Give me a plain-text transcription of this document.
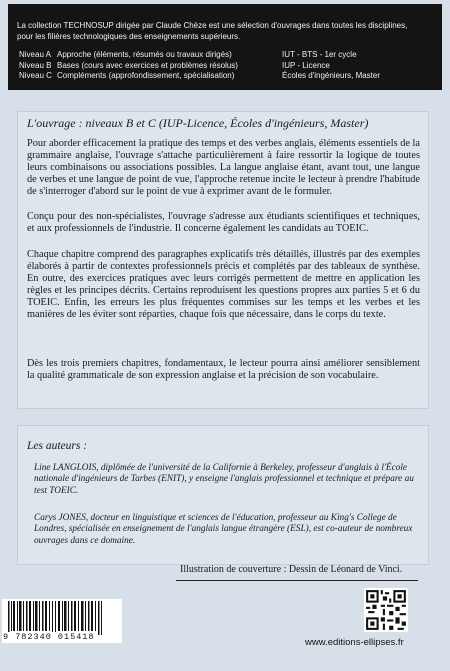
La collection TECHNOSUP dirigée par Claude Chèze est une sélection d'ouvrages dans toutes les disciplines,
pour les filières technologiques des enseignements supérieurs.
Niveau A	Approche (éléments, résumés ou travaux dirigés)	IUT - BTS - 1er cycle
Niveau B	Bases (cours avec exercices et problèmes résolus)	IUP - Licence
Niveau C	Compléments (approfondissement, spécialisation)	Écoles d'ingénieurs, Master
L'ouvrage : niveaux B et C (IUP-Licence, Écoles d'ingénieurs, Master)

Pour aborder efficacement la pratique des temps et des verbes anglais, éléments essentiels de la grammaire anglaise, l'ouvrage s'attache particulièrement à faire ressortir la logique de toutes leurs combinaisons ou associations possibles. La langue anglaise étant, avant tout, une langue de verbes et une langue de point de vue, l'approche retenue incite le lecteur à prendre l'habitude de s'interroger d'abord sur le point de vue à exprimer avant de le formuler.

Conçu pour des non-spécialistes, l'ouvrage s'adresse aux étudiants scientifiques et techniques, et aux professionnels de l'industrie. Il concerne également les candidats au TOEIC.

Chaque chapitre comprend des paragraphes explicatifs très détaillés, illustrés par des exemples élaborés à partir de contextes professionnels précis et complétés par des tableaux de synthèse. En outre, des exercices pratiques avec leurs corrigés permettent de mettre en application les règles et les principes décrits. Certains reproduisent les questions propres aux parties 5 et 6 du TOEIC. Enfin, les erreurs les plus fréquentes commises sur les temps et les verbes et les manières de les éviter sont réparties, chaque fois que nécessaire, dans le corps du texte.

Dès les trois premiers chapitres, fondamentaux, le lecteur pourra ainsi améliorer sensiblement la qualité grammaticale de son expression anglaise et la précision de son vocabulaire.

Les auteurs :

Line LANGLOIS, diplômée de l'université de la Californie à Berkeley, professeur d'anglais à l'École nationale d'ingénieurs de Tarbes (ENIT), y enseigne l'anglais professionnel et technique et prépare au test TOEIC.

Carys JONES, docteur en linguistique et sciences de l'éducation, professeur au King's College de Londres, spécialisée en enseignement de l'anglais langue étrangère (ESL), est co-auteur de nombreux ouvrages dans ce domaine.

Illustration de couverture : Dessin de Léonard de Vinci.
9 782340 015418	www.editions-ellipses.fr
